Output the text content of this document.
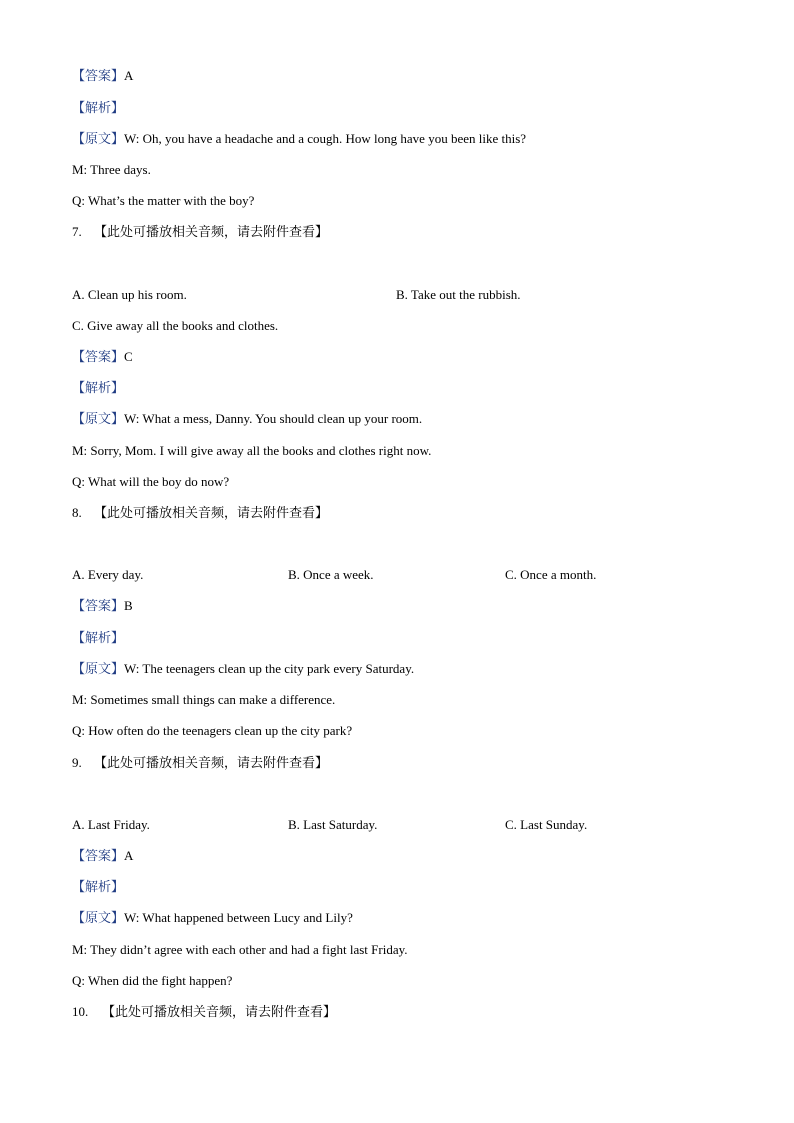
【答案】A
【解析】
【原文】W: Oh, you have a headache and a cough. How long have you been like this?
M: Three days.
Q: What’s the matter with the boy?
7. 【此处可播放相关音频，请去附件查看】
A. Clean up his room.	B. Take out the rubbish.
C. Give away all the books and clothes.
【答案】C
【解析】
【原文】W: What a mess, Danny. You should clean up your room.
M: Sorry, Mom. I will give away all the books and clothes right now.
Q: What will the boy do now?
8. 【此处可播放相关音频，请去附件查看】
A. Every day.	B. Once a week.	C. Once a month.
【答案】B
【解析】
【原文】W: The teenagers clean up the city park every Saturday.
M: Sometimes small things can make a difference.
Q: How often do the teenagers clean up the city park?
9. 【此处可播放相关音频，请去附件查看】
A. Last Friday.	B. Last Saturday.	C. Last Sunday.
【答案】A
【解析】
【原文】W: What happened between Lucy and Lily?
M: They didn’t agree with each other and had a fight last Friday.
Q: When did the fight happen?
10. 【此处可播放相关音频，请去附件查看】
